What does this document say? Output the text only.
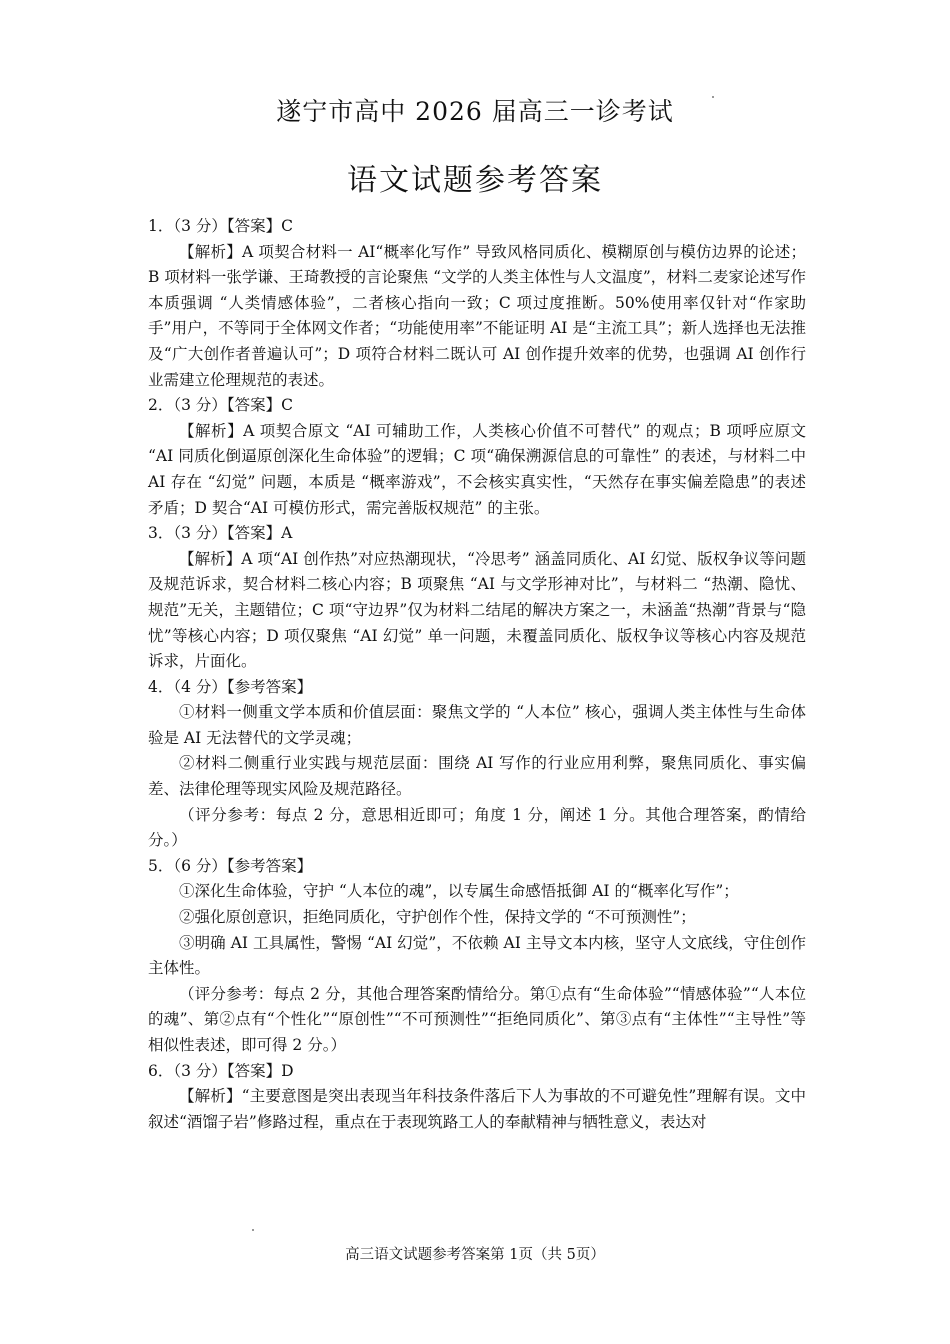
遂宁市高中 2026 届高三一诊考试
语文试题参考答案

1．（3 分）【答案】C

【解析】A 项契合材料一 AI“概率化写作” 导致风格同质化、模糊原创与模仿边界的论述；B 项材料一张学谦、王琦教授的言论聚焦 “文学的人类主体性与人文温度”，材料二麦家论述写作本质强调 “人类情感体验”，二者核心指向一致；C 项过度推断。50%使用率仅针对“作家助手”用户，不等同于全体网文作者；“功能使用率”不能证明 AI 是“主流工具”；新人选择也无法推及“广大创作者普遍认可”；D 项符合材料二既认可 AI 创作提升效率的优势，也强调 AI 创作行业需建立伦理规范的表述。

2．（3 分）【答案】C

【解析】A 项契合原文 “AI 可辅助工作，人类核心价值不可替代” 的观点；B 项呼应原文 “AI 同质化倒逼原创深化生命体验”的逻辑；C 项“确保溯源信息的可靠性” 的表述，与材料二中 AI 存在 “幻觉” 问题，本质是 “概率游戏”，不会核实真实性，“天然存在事实偏差隐患”的表述矛盾；D 契合“AI 可模仿形式，需完善版权规范” 的主张。

3．（3 分）【答案】A

【解析】A 项“AI 创作热”对应热潮现状，“冷思考” 涵盖同质化、AI 幻觉、版权争议等问题及规范诉求，契合材料二核心内容；B 项聚焦 “AI 与文学形神对比”，与材料二 “热潮、隐忧、规范”无关，主题错位；C 项“守边界”仅为材料二结尾的解决方案之一，未涵盖“热潮”背景与“隐忧”等核心内容；D 项仅聚焦 “AI 幻觉” 单一问题，未覆盖同质化、版权争议等核心内容及规范诉求，片面化。

4．（4 分）【参考答案】

①材料一侧重文学本质和价值层面：聚焦文学的 “人本位” 核心，强调人类主体性与生命体验是 AI 无法替代的文学灵魂；

②材料二侧重行业实践与规范层面：围绕 AI 写作的行业应用利弊，聚焦同质化、事实偏差、法律伦理等现实风险及规范路径。

（评分参考：每点 2 分，意思相近即可；角度 1 分，阐述 1 分。其他合理答案，酌情给分。）

5．（6 分）【参考答案】

①深化生命体验，守护 “人本位的魂”，以专属生命感悟抵御 AI 的“概率化写作”；

②强化原创意识，拒绝同质化，守护创作个性，保持文学的 “不可预测性”；

③明确 AI 工具属性，警惕 “AI 幻觉”，不依赖 AI 主导文本内核，坚守人文底线，守住创作主体性。

（评分参考：每点 2 分，其他合理答案酌情给分。第①点有“生命体验”“情感体验”“人本位的魂”、第②点有“个性化”“原创性”“不可预测性”“拒绝同质化”、第③点有“主体性”“主导性”等相似性表述，即可得 2 分。）

6．（3 分）【答案】D

【解析】“主要意图是突出表现当年科技条件落后下人为事故的不可避免性”理解有误。文中叙述“酒馏子岩”修路过程，重点在于表现筑路工人的奉献精神与牺牲意义，表达对

高三语文试题参考答案第 1页（共 5页）
